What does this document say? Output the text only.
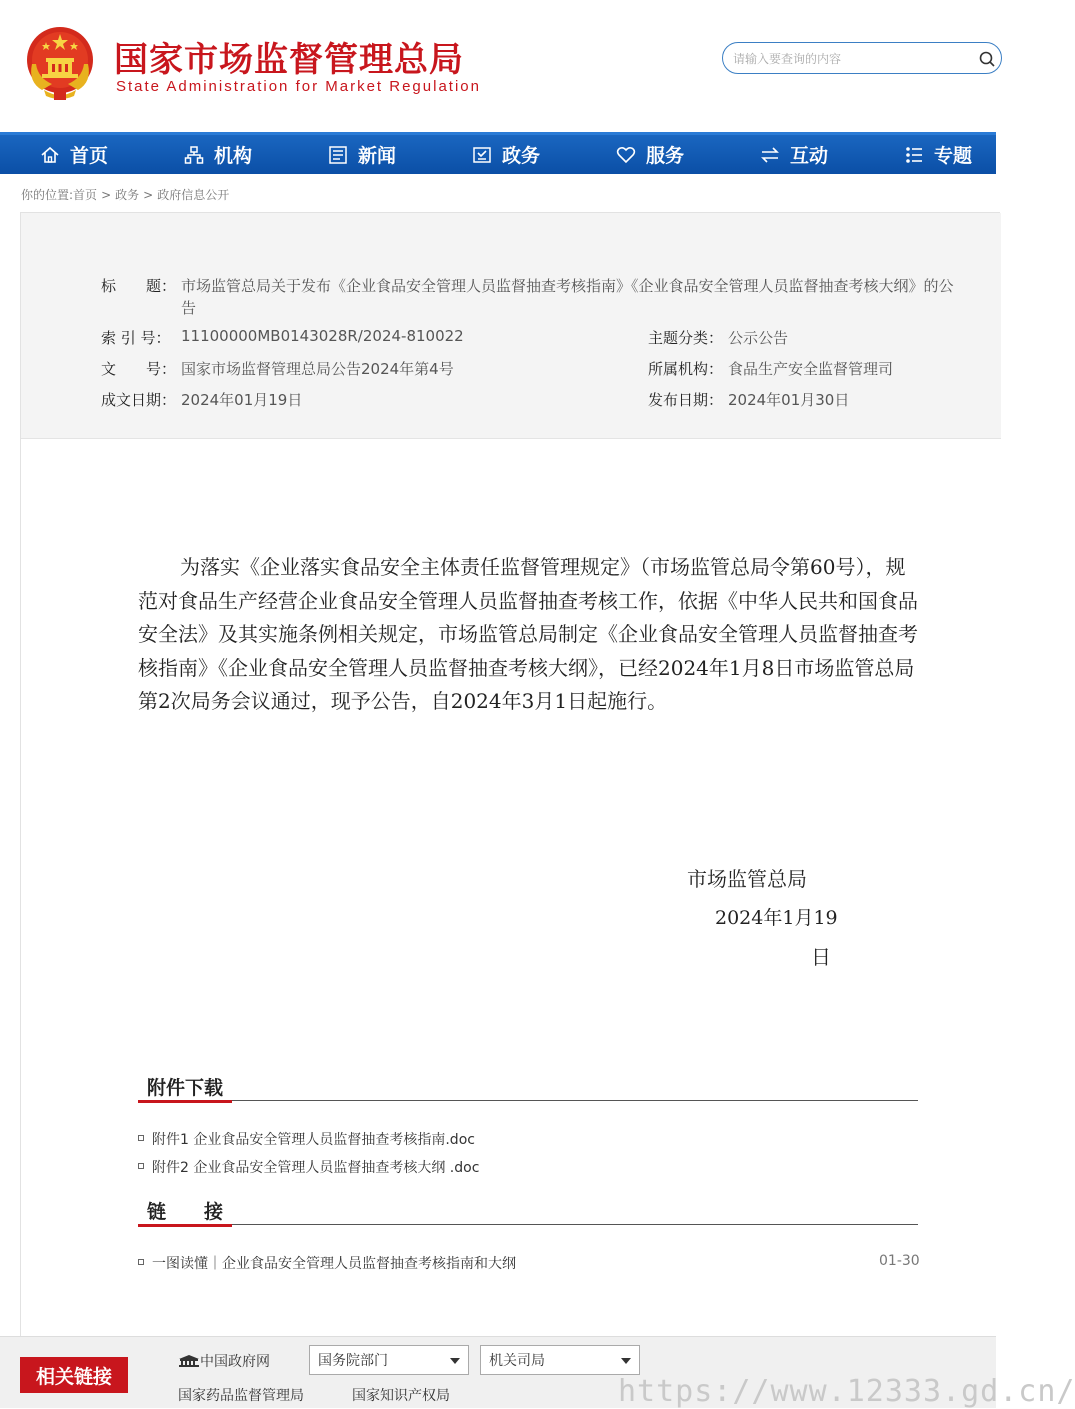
国家市场监督管理总局
State Administration for Market Regulation
请输入要查询的内容
首页	机构	新闻	政务	服务	互动	专题
你的位置:首页 > 政务 > 政府信息公开
标　　题： 市场监管总局关于发布《企业食品安全管理人员监督抽查考核指南》《企业食品安全管理人员监督抽查考核大纲》的公告
索 引 号： 11100000MB0143028R/2024-810022	主题分类： 公示公告
文　　号： 国家市场监督管理总局公告2024年第4号	所属机构： 食品生产安全监督管理司
成文日期： 2024年01月19日	发布日期： 2024年01月30日
为落实《企业落实食品安全主体责任监督管理规定》（市场监管总局令第60号），规范对食品生产经营企业食品安全管理人员监督抽查考核工作，依据《中华人民共和国食品安全法》及其实施条例相关规定，市场监管总局制定《企业食品安全管理人员监督抽查考核指南》《企业食品安全管理人员监督抽查考核大纲》，已经2024年1月8日市场监管总局第2次局务会议通过，现予公告，自2024年3月1日起施行。
市场监管总局
2024年1月19
日
附件下载
附件1 企业食品安全管理人员监督抽查考核指南.doc
附件2 企业食品安全管理人员监督抽查考核大纲 .doc
链　　接
一图读懂｜企业食品安全管理人员监督抽查考核指南和大纲	01-30
相关链接
中国政府网	国务院部门	机关司局
国家药品监督管理局	国家知识产权局	https://www.12333.gd.cn/
